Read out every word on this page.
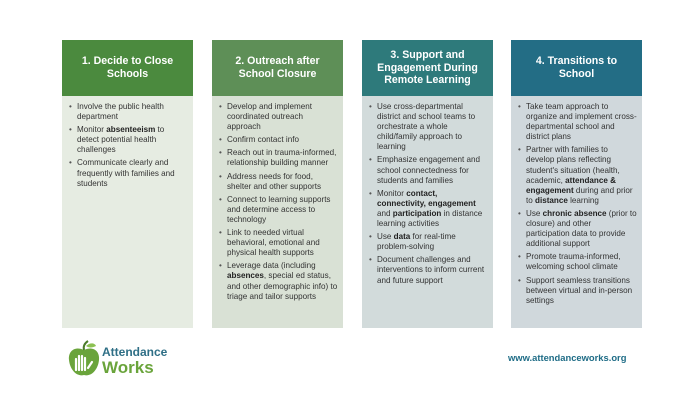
1. Decide to Close Schools
• Involve the public health department
• Monitor absenteeism to detect potential health challenges
• Communicate clearly and frequently with families and students
2. Outreach after School Closure
• Develop and implement coordinated outreach approach
• Confirm contact info
• Reach out in trauma-informed, relationship building manner
• Address needs for food, shelter and other supports
• Connect to learning supports and determine access to technology
• Link to needed virtual behavioral, emotional and physical health supports
• Leverage data (including absences, special ed status, and other demographic info) to triage and tailor supports
3. Support and Engagement During Remote Learning
• Use cross-departmental district and school teams to orchestrate a whole child/family approach to learning
• Emphasize engagement and school connectedness for students and families
• Monitor contact, connectivity, engagement and participation in distance learning activities
• Use data for real-time problem-solving
• Document challenges and interventions to inform current and future support
4. Transitions to School
• Take team approach to organize and implement cross-departmental school and district plans
• Partner with families to develop plans reflecting student's situation (health, academic, attendance & engagement during and prior to distance learning
• Use chronic absence (prior to closure) and other participation data to provide additional support
• Promote trauma-informed, welcoming school climate
• Support seamless transitions between virtual and in-person settings
Attendance
Works
www.attendanceworks.org
